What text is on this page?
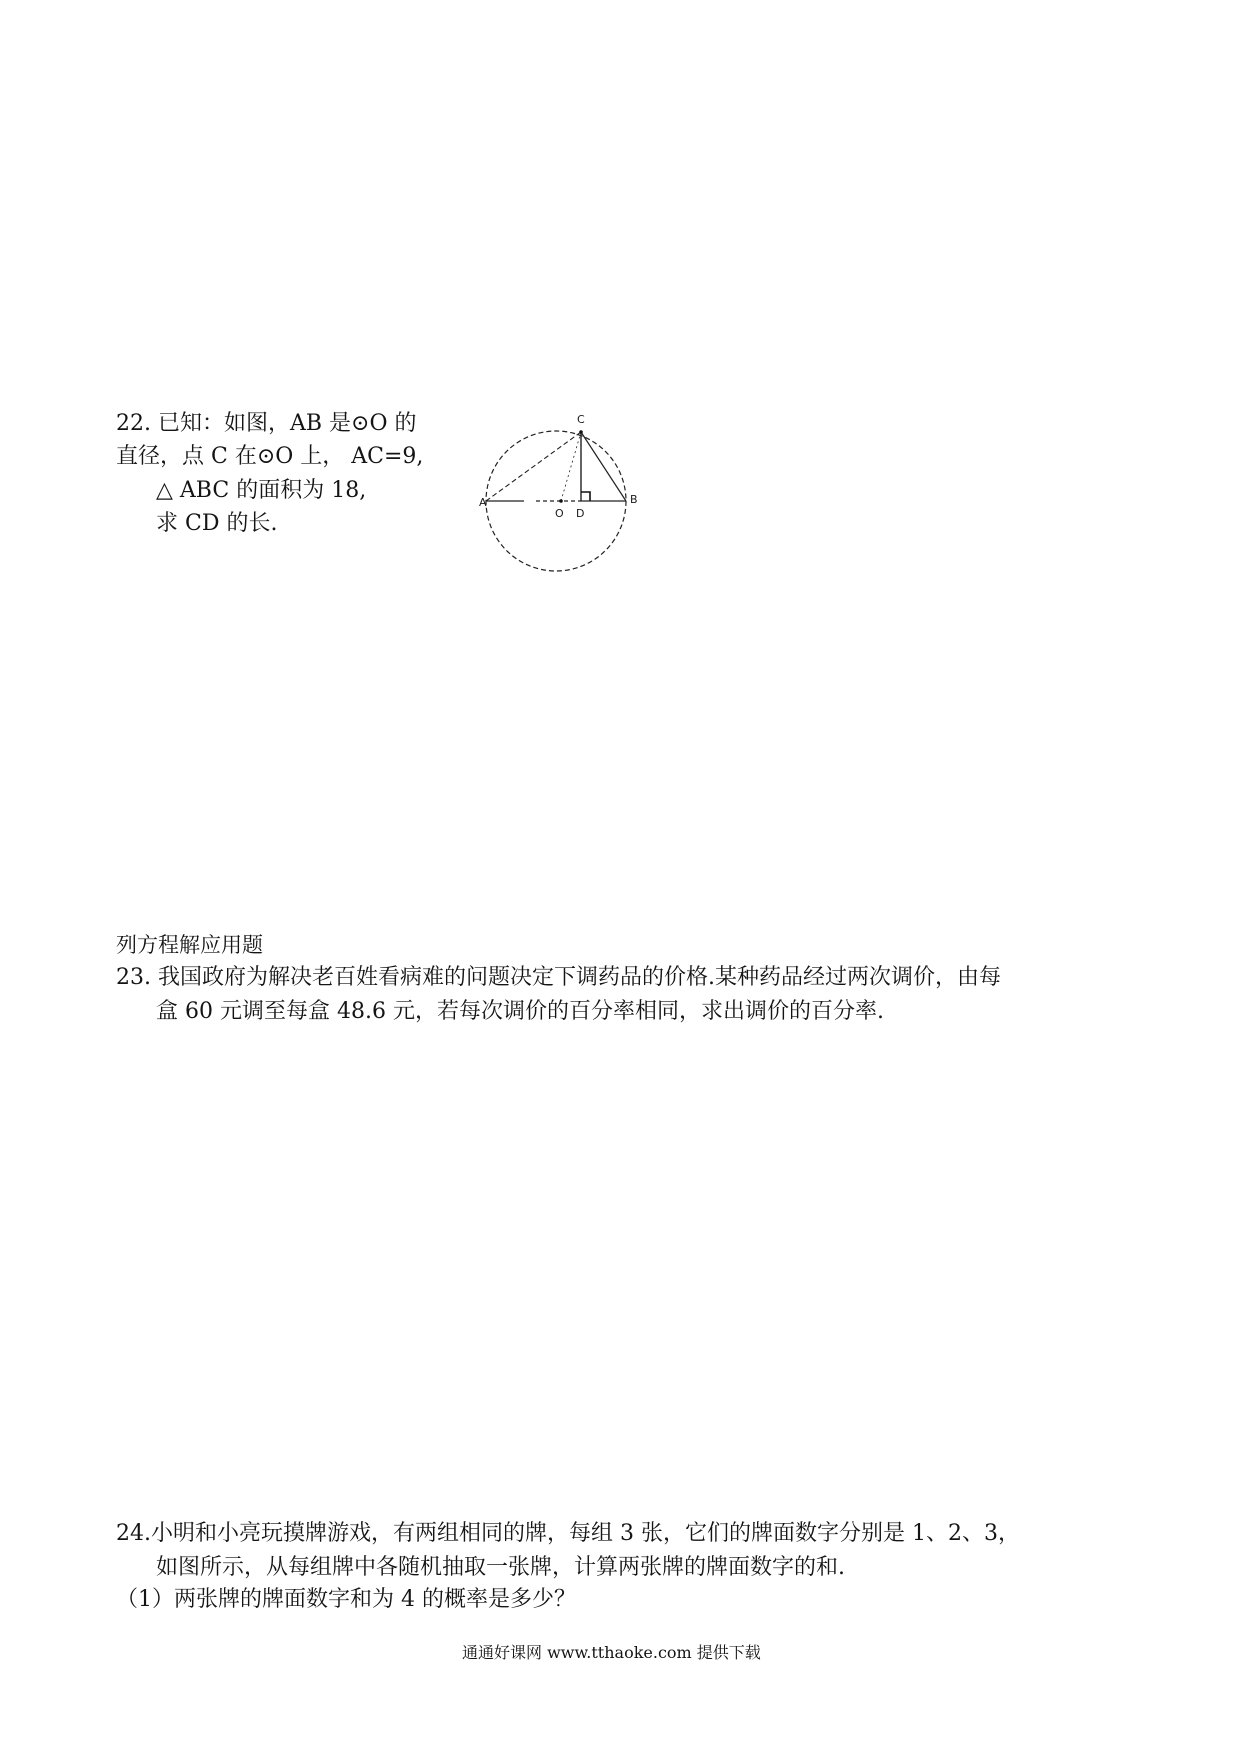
22. 已知：如图，AB 是⊙O 的
直径，点 C 在⊙O 上， AC=9,
△ ABC 的面积为 18,
求 CD 的长.
C
A	B
O D
列方程解应用题
23. 我国政府为解决老百姓看病难的问题决定下调药品的价格.某种药品经过两次调价，由每
盒 60 元调至每盒 48.6 元，若每次调价的百分率相同，求出调价的百分率.
24.小明和小亮玩摸牌游戏，有两组相同的牌，每组 3 张，它们的牌面数字分别是 1、2、3，
如图所示，从每组牌中各随机抽取一张牌，计算两张牌的牌面数字的和.
（1）两张牌的牌面数字和为 4 的概率是多少？
通通好课网 www.tthaoke.com 提供下载
